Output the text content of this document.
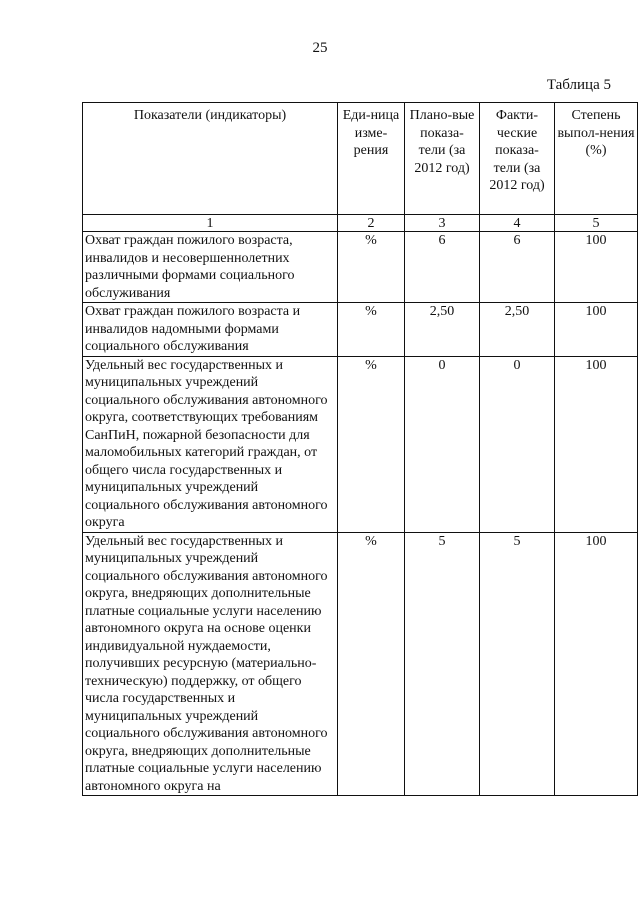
25
Таблица 5
Показатели (индикаторы)	Еди-ница изме-рения	Плано-вые показа-тели (за 2012 год)	Факти-ческие показа-тели (за 2012 год)	Степень выпол-нения (%)
1	2	3	4	5
Охват граждан пожилого возраста, инвалидов и несовершеннолетних различными формами социального обслуживания	%	6	6	100
Охват граждан пожилого возраста и инвалидов надомными формами социального обслуживания	%	2,50	2,50	100
Удельный вес государственных и муниципальных учреждений социального обслуживания автономного округа, соответствующих требованиям СанПиН, пожарной безопасности для маломобильных категорий граждан, от общего числа государственных и муниципальных учреждений социального обслуживания автономного округа	%	0	0	100
Удельный вес государственных и муниципальных учреждений социального обслуживания автономного округа, внедряющих дополнительные платные социальные услуги населению автономного округа на основе оценки индивидуальной нуждаемости, получивших ресурсную (материально-техническую) поддержку, от общего числа государственных и муниципальных учреждений социального обслуживания автономного округа, внедряющих дополнительные платные социальные услуги населению автономного округа на	%	5	5	100
